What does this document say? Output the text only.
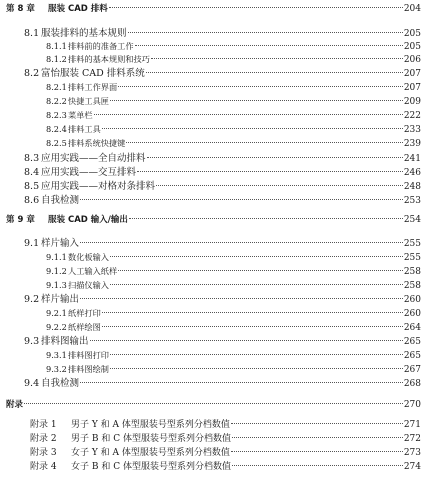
第 8 章	服装 CAD 排料	204
8.1 服装排料的基本规则	205
8.1.1 排料前的准备工作	205
8.1.2 排料的基本规则和技巧	206
8.2 富怡服装 CAD 排料系统	207
8.2.1 排料工作界面	207
8.2.2 快捷工具匣	209
8.2.3 菜单栏	222
8.2.4 排料工具	233
8.2.5 排料系统快捷键	239
8.3 应用实践——全自动排料	241
8.4 应用实践——交互排料	246
8.5 应用实践——对格对条排料	248
8.6 自我检测	253
第 9 章	服装 CAD 输入/输出	254
9.1 样片输入	255
9.1.1 数化板输入	255
9.1.2 人工输入纸样	258
9.1.3 扫描仪输入	258
9.2 样片输出	260
9.2.1 纸样打印	260
9.2.2 纸样绘图	264
9.3 排料图输出	265
9.3.1 排料图打印	265
9.3.2 排料图绘制	267
9.4 自我检测	268
附录	270
附录 1	男子 Y 和 A 体型服装号型系列分档数值	271
附录 2	男子 B 和 C 体型服装号型系列分档数值	272
附录 3	女子 Y 和 A 体型服装号型系列分档数值	273
附录 4	女子 B 和 C 体型服装号型系列分档数值	274
